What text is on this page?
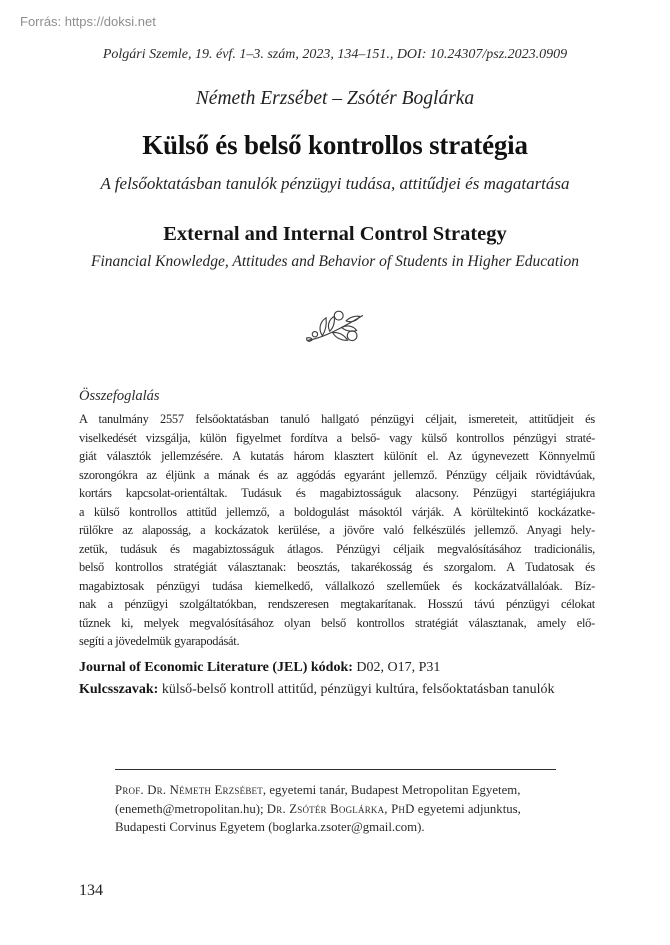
Forrás: https://doksi.net
Polgári Szemle, 19. évf. 1–3. szám, 2023, 134–151., DOI: 10.24307/psz.2023.0909
Németh Erzsébet – Zsótér Boglárka
Külső és belső kontrollos stratégia
A felsőoktatásban tanulók pénzügyi tudása, attitűdjei és magatartása
External and Internal Control Strategy
Financial Knowledge, Attitudes and Behavior of Students in Higher Education
Összefoglalás
A tanulmány 2557 felsőoktatásban tanuló hallgató pénzügyi céljait, ismereteit, attitűdjeit és
viselkedését vizsgálja, külön figyelmet fordítva a belső- vagy külső kontrollos pénzügyi straté-
giát választók jellemzésére. A kutatás három klasztert különít el. Az úgynevezett Könnyelmű
szorongókra az éljünk a mának és az aggódás egyaránt jellemző. Pénzügy céljaik rövidtávúak,
kortárs kapcsolat-orientáltak. Tudásuk és magabiztosságuk alacsony. Pénzügyi startégiájukra
a külső kontrollos attitűd jellemző, a boldogulást másoktól várják. A körültekintő kockázatke-
rülőkre az alaposság, a kockázatok kerülése, a jövőre való felkészülés jellemző. Anyagi hely-
zetük, tudásuk és magabiztosságuk átlagos. Pénzügyi céljaik megvalósításához tradicionális,
belső kontrollos stratégiát választanak: beosztás, takarékosság és szorgalom. A Tudatosak és
magabiztosak pénzügyi tudása kiemelkedő, vállalkozó szelleműek és kockázatvállalóak. Bíz-
nak a pénzügyi szolgáltatókban, rendszeresen megtakarítanak. Hosszú távú pénzügyi célokat
tűznek ki, melyek megvalósításához olyan belső kontrollos stratégiát választanak, amely elő-
segíti a jövedelmük gyarapodását.
Journal of Economic Literature (JEL) kódok: D02, O17, P31
Kulcsszavak: külső-belső kontroll attitűd, pénzügyi kultúra, felsőoktatásban tanulók

Prof. Dr. Németh Erzsébet, egyetemi tanár, Budapest Metropolitan Egyetem, (enemeth@metropolitan.hu); Dr. Zsótér Boglárka, PhD egyetemi adjunktus, Budapesti Corvinus Egyetem (boglarka.zsoter@gmail.com).

134
